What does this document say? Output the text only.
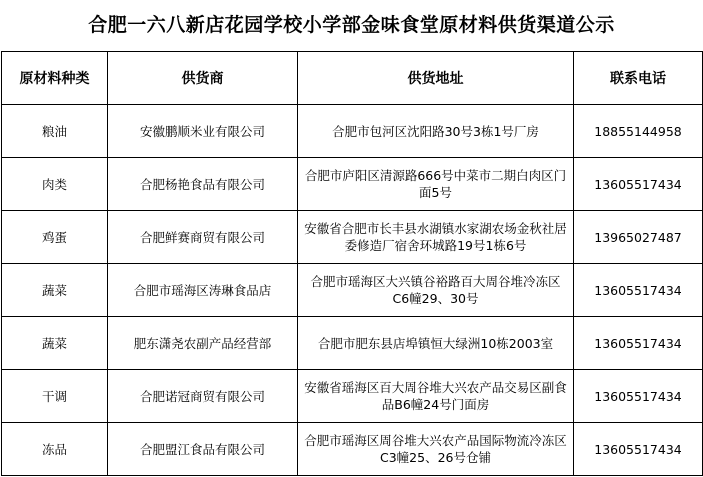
合肥一六八新店花园学校小学部金味食堂原材料供货渠道公示
原材料种类	供货商	供货地址	联系电话
粮油	安徽鹏顺米业有限公司	合肥市包河区沈阳路30号3栋1号厂房	18855144958
肉类	合肥杨艳食品有限公司	合肥市庐阳区清源路666号中菜市二期白肉区门面5号	13605517434
鸡蛋	合肥鲜赛商贸有限公司	安徽省合肥市长丰县水湖镇水家湖农场金秋社居委修造厂宿舍环城路19号1栋6号	13965027487
蔬菜	合肥市瑶海区涛琳食品店	合肥市瑶海区大兴镇谷裕路百大周谷堆冷冻区C6幢29、30号	13605517434
蔬菜	肥东潇尧农副产品经营部	合肥市肥东县店埠镇恒大绿洲10栋2003室	13605517434
干调	合肥诺冠商贸有限公司	安徽省瑶海区百大周谷堆大兴农产品交易区副食品B6幢24号门面房	13605517434
冻品	合肥盟江食品有限公司	合肥市瑶海区周谷堆大兴农产品国际物流冷冻区C3幢25、26号仓铺	13605517434
